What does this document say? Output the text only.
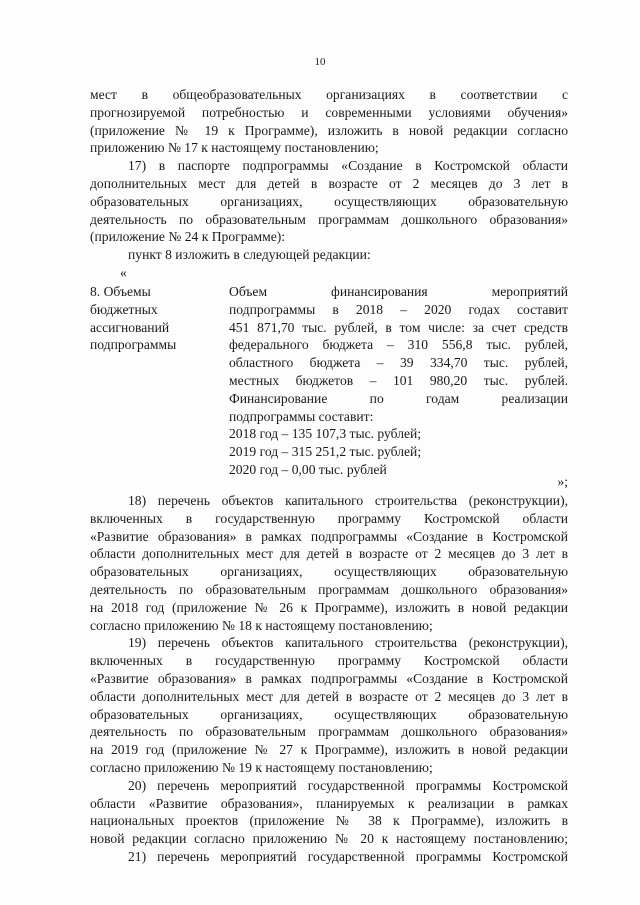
10
мест в общеобразовательных организациях в соответствии с
прогнозируемой потребностью и современными условиями обучения»
(приложение № 19 к Программе), изложить в новой редакции согласно
приложению № 17 к настоящему постановлению;
17) в паспорте подпрограммы «Создание в Костромской области
дополнительных мест для детей в возрасте от 2 месяцев до 3 лет в
образовательных организациях, осуществляющих образовательную
деятельность по образовательным программам дошкольного образования»
(приложение № 24 к Программе):
пункт 8 изложить в следующей редакции:
«
8. Объемы
бюджетных
ассигнований
подпрограммы
Объем финансирования мероприятий
подпрограммы в 2018 – 2020 годах составит
451 871,70 тыс. рублей, в том числе: за счет средств
федерального бюджета – 310 556,8 тыс. рублей,
областного бюджета – 39 334,70 тыс. рублей,
местных бюджетов – 101 980,20 тыс. рублей.
Финансирование по годам реализации
подпрограммы составит:
2018 год – 135 107,3 тыс. рублей;
2019 год – 315 251,2 тыс. рублей;
2020 год – 0,00 тыс. рублей
»;
18) перечень объектов капитального строительства (реконструкции),
включенных в государственную программу Костромской области
«Развитие образования» в рамках подпрограммы «Создание в Костромской
области дополнительных мест для детей в возрасте от 2 месяцев до 3 лет в
образовательных организациях, осуществляющих образовательную
деятельность по образовательным программам дошкольного образования»
на 2018 год (приложение № 26 к Программе), изложить в новой редакции
согласно приложению № 18 к настоящему постановлению;
19) перечень объектов капитального строительства (реконструкции),
включенных в государственную программу Костромской области
«Развитие образования» в рамках подпрограммы «Создание в Костромской
области дополнительных мест для детей в возрасте от 2 месяцев до 3 лет в
образовательных организациях, осуществляющих образовательную
деятельность по образовательным программам дошкольного образования»
на 2019 год (приложение № 27 к Программе), изложить в новой редакции
согласно приложению № 19 к настоящему постановлению;
20) перечень мероприятий государственной программы Костромской
области «Развитие образования», планируемых к реализации в рамках
национальных проектов (приложение № 38 к Программе), изложить в
новой редакции согласно приложению № 20 к настоящему постановлению;
21) перечень мероприятий государственной программы Костромской
